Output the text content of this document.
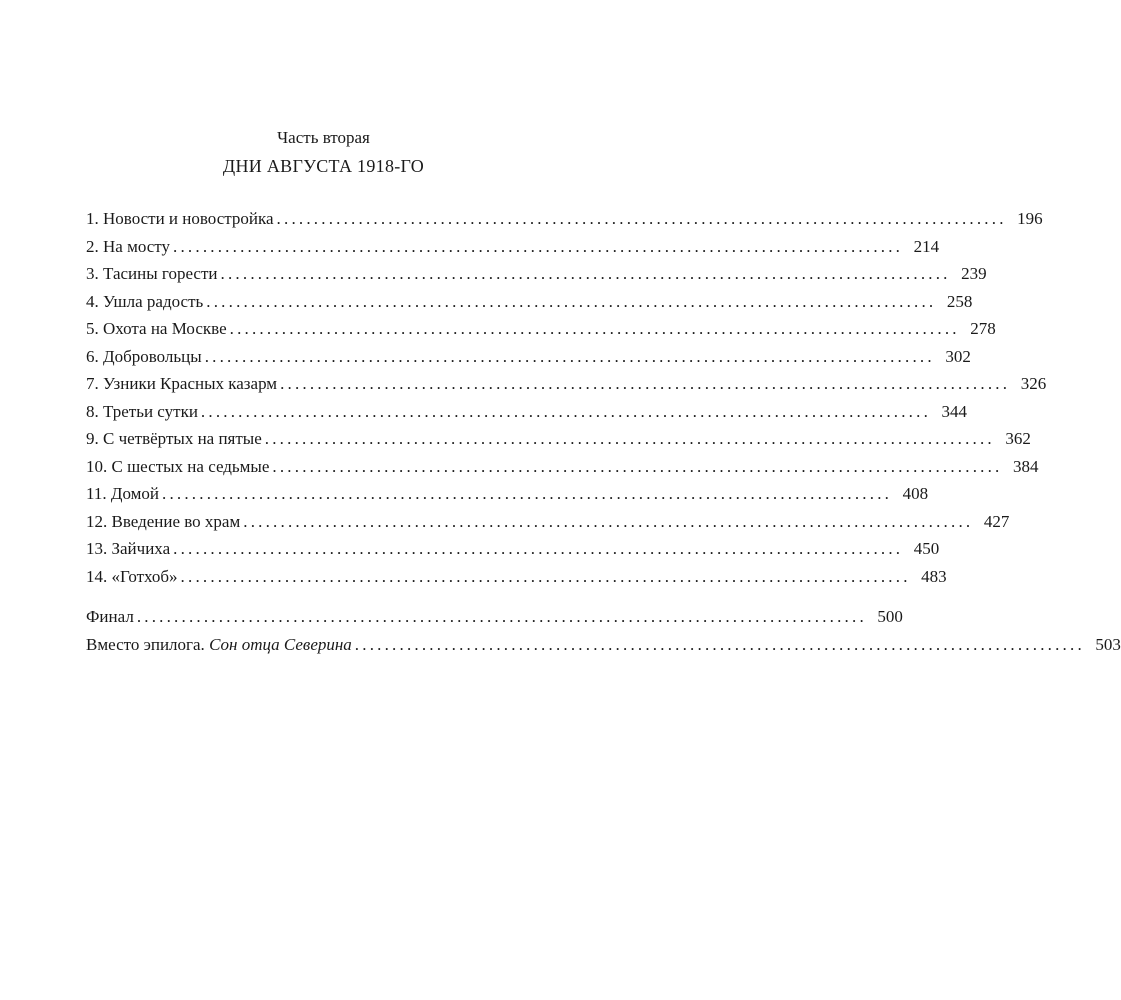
Часть вторая
ДНИ АВГУСТА 1918-ГО
1. Новости и новостройка .................................................................................................. 196
2. На мосту .................................................................................................. 214
3. Тасины горести .................................................................................................. 239
4. Ушла радость .................................................................................................. 258
5. Охота на Москве .................................................................................................. 278
6. Добровольцы .................................................................................................. 302
7. Узники Красных казарм .................................................................................................. 326
8. Третьи сутки .................................................................................................. 344
9. С четвёртых на пятые .................................................................................................. 362
10. С шестых на седьмые .................................................................................................. 384
11. Домой .................................................................................................. 408
12. Введение во храм .................................................................................................. 427
13. Зайчиха .................................................................................................. 450
14. «Готхоб» .................................................................................................. 483
Финал .................................................................................................. 500
Вместо эпилога. Сон отца Северина .................................................................................................. 503
